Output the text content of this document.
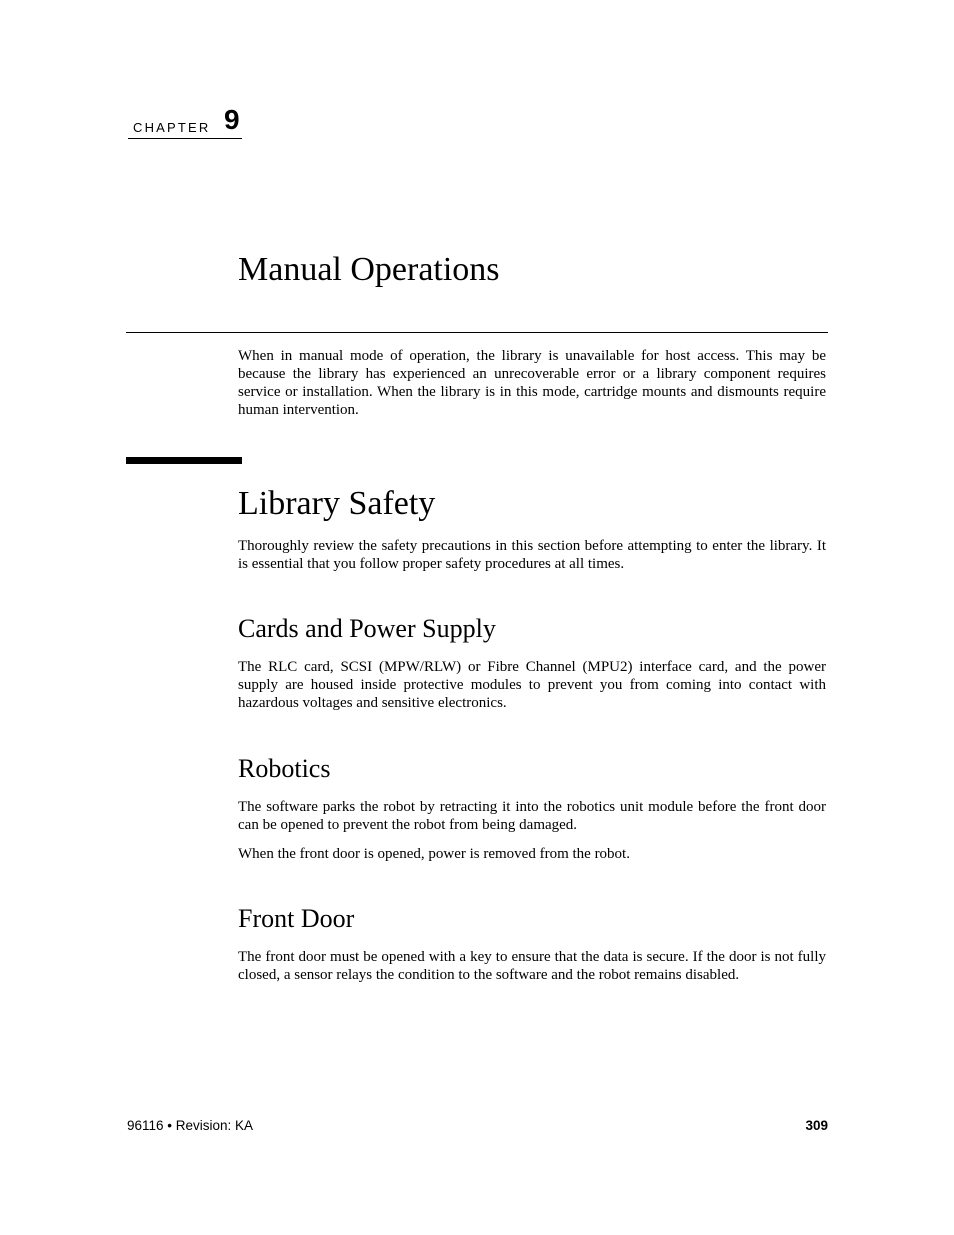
CHAPTER 9
Manual Operations

When in manual mode of operation, the library is unavailable for host access. This may be because the library has experienced an unrecoverable error or a library component requires service or installation. When the library is in this mode, cartridge mounts and dismounts require human intervention.

Library Safety

Thoroughly review the safety precautions in this section before attempting to enter the library. It is essential that you follow proper safety procedures at all times.

Cards and Power Supply

The RLC card, SCSI (MPW/RLW) or Fibre Channel (MPU2) interface card, and the power supply are housed inside protective modules to prevent you from coming into contact with hazardous voltages and sensitive electronics.

Robotics

The software parks the robot by retracting it into the robotics unit module before the front door can be opened to prevent the robot from being damaged.

When the front door is opened, power is removed from the robot.

Front Door

The front door must be opened with a key to ensure that the data is secure. If the door is not fully closed, a sensor relays the condition to the software and the robot remains disabled.

96116 • Revision: KA	309
